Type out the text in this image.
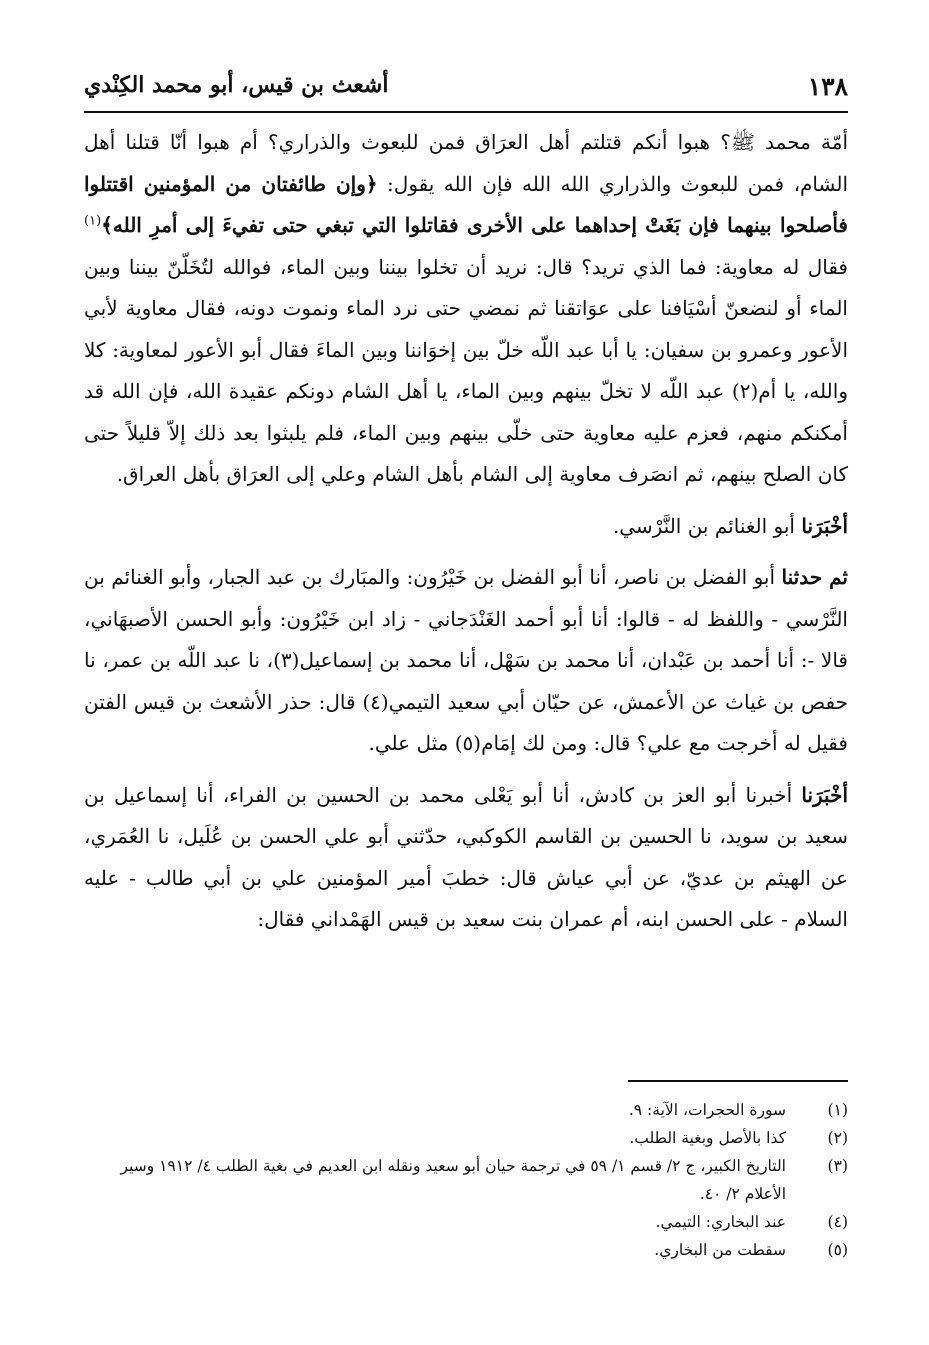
١٣٨
أشعث بن قيس، أبو محمد الكِنْدي

أمّة محمد ﷺ؟ هبوا أنكم قتلتم أهل العرَاق فمن للبعوث والذراري؟ أم هبوا أنّا قتلنا أهل الشام، فمن للبعوث والذراري الله الله فإن الله يقول: ﴿وإن طائفتان من المؤمنين اقتتلوا فأصلحوا بينهما فإن بَغَتْ إحداهما على الأخرى فقاتلوا التي تبغي حتى تفيءَ إلى أمرِ الله﴾$^{(١)}$ فقال له معاوية: فما الذي تريد؟ قال: نريد أن تخلوا بيننا وبين الماء، فوالله لتُخَلّنّ بيننا وبين الماء أو لنضعنّ أسْيَافنا على عوَاتقنا ثم نمضي حتى نرد الماء ونموت دونه، فقال معاوية لأبي الأعور وعمرو بن سفيان: يا أبا عبد اللّه خلّ بين إخوَاننا وبين الماءَ فقال أبو الأعور لمعاوية: كلا والله، يا أم(٢) عبد اللّه لا تخلّ بينهم وبين الماء، يا أهل الشام دونكم عقيدة الله، فإن الله قد أمكنكم منهم، فعزم عليه معاوية حتى خلّى بينهم وبين الماء، فلم يلبثوا بعد ذلك إلاّ قليلاً حتى كان الصلح بينهم، ثم انصَرف معاوية إلى الشام بأهل الشام وعلي إلى العرَاق بأهل العراق.

أخْبَرَنا أبو الغنائم بن النَّرْسي.

ثم حدثنا أبو الفضل بن ناصر، أنا أبو الفضل بن خَيْرُون: والمبَارك بن عبد الجبار، وأبو الغنائم بن النَّرْسي - واللفظ له - قالوا: أنا أبو أحمد الغَنْدَجاني - زاد ابن خَيْرُون: وأبو الحسن الأصبهَاني، قالا -: أنا أحمد بن عَبْدان، أنا محمد بن سَهْل، أنا محمد بن إسماعيل(٣)، نا عبد اللّه بن عمر، نا حفص بن غياث عن الأعمش، عن حيّان أبي سعيد التيمي(٤) قال: حذر الأشعث بن قيس الفتن فقيل له أخرجت مع علي؟ قال: ومن لك إمَام(٥) مثل علي.

أخْبَرَنا أخبرنا أبو العز بن كادش، أنا أبو يَعْلى محمد بن الحسين بن الفراء، أنا إسماعيل بن سعيد بن سويد، نا الحسين بن القاسم الكوكبي، حدّثني أبو علي الحسن بن عُلَيل، نا العُمَري، عن الهيثم بن عديّ، عن أبي عياش قال: خطبَ أمير المؤمنين علي بن أبي طالب - عليه السلام - على الحسن ابنه، أم عمران بنت سعيد بن قيس الهَمْداني فقال:

(١)
سورة الحجرات، الآية: ٩.
(٢)
كذا بالأصل وبغية الطلب.
(٣)
التاريخ الكبير، ج ٢/ قسم ١/ ٥٩ في ترجمة حيان أبو سعيد ونقله ابن العديم في بغية الطلب ٤/ ١٩١٢ وسير الأعلام ٢/ ٤٠.
(٤)
عند البخاري: التيمي.
(٥)
سقطت من البخاري.
